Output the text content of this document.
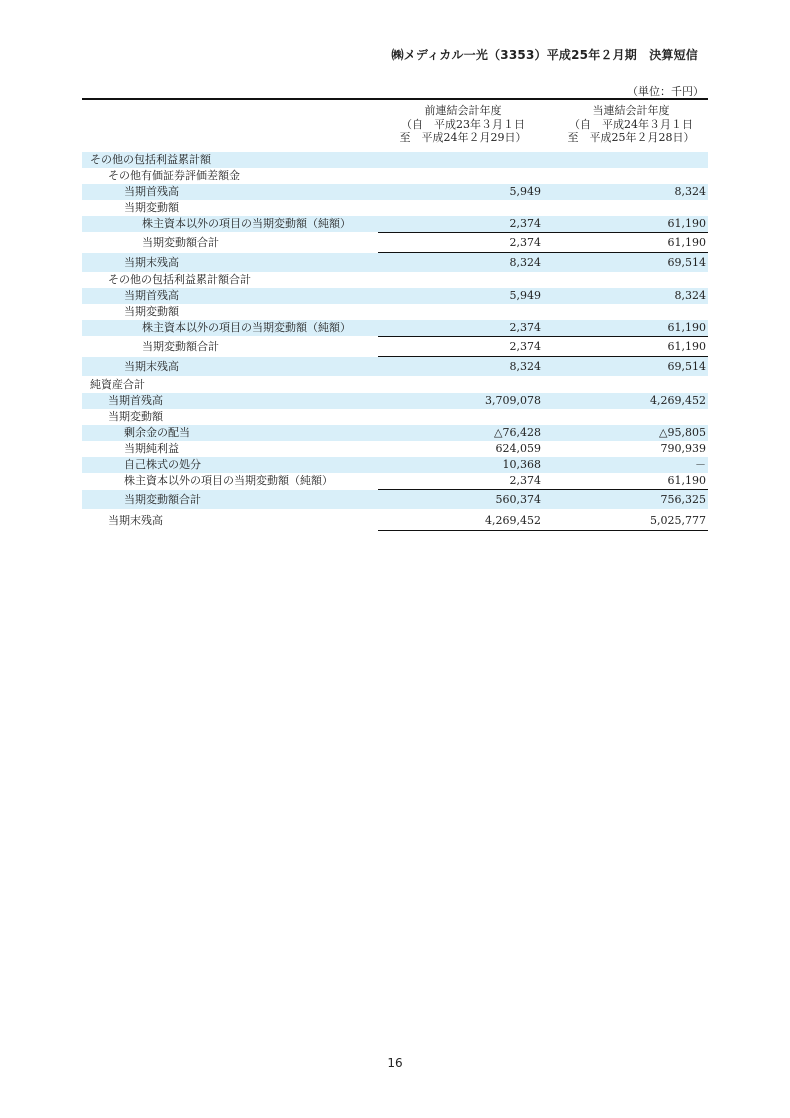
㈱メディカル一光（3353）平成25年２月期　決算短信
（単位：千円）
前連結会計年度
（自　平成23年３月１日
至　平成24年２月29日）
当連結会計年度
（自　平成24年３月１日
至　平成25年２月28日）
その他の包括利益累計額
その他有価証券評価差額金
当期首残高	5,949	8,324
当期変動額
株主資本以外の項目の当期変動額（純額）	2,374	61,190
当期変動額合計	2,374	61,190
当期末残高	8,324	69,514
その他の包括利益累計額合計
当期首残高	5,949	8,324
当期変動額
株主資本以外の項目の当期変動額（純額）	2,374	61,190
当期変動額合計	2,374	61,190
当期末残高	8,324	69,514
純資産合計
当期首残高	3,709,078	4,269,452
当期変動額
剰余金の配当	△76,428	△95,805
当期純利益	624,059	790,939
自己株式の処分	10,368	－
株主資本以外の項目の当期変動額（純額）	2,374	61,190
当期変動額合計	560,374	756,325
当期末残高	4,269,452	5,025,777
16
